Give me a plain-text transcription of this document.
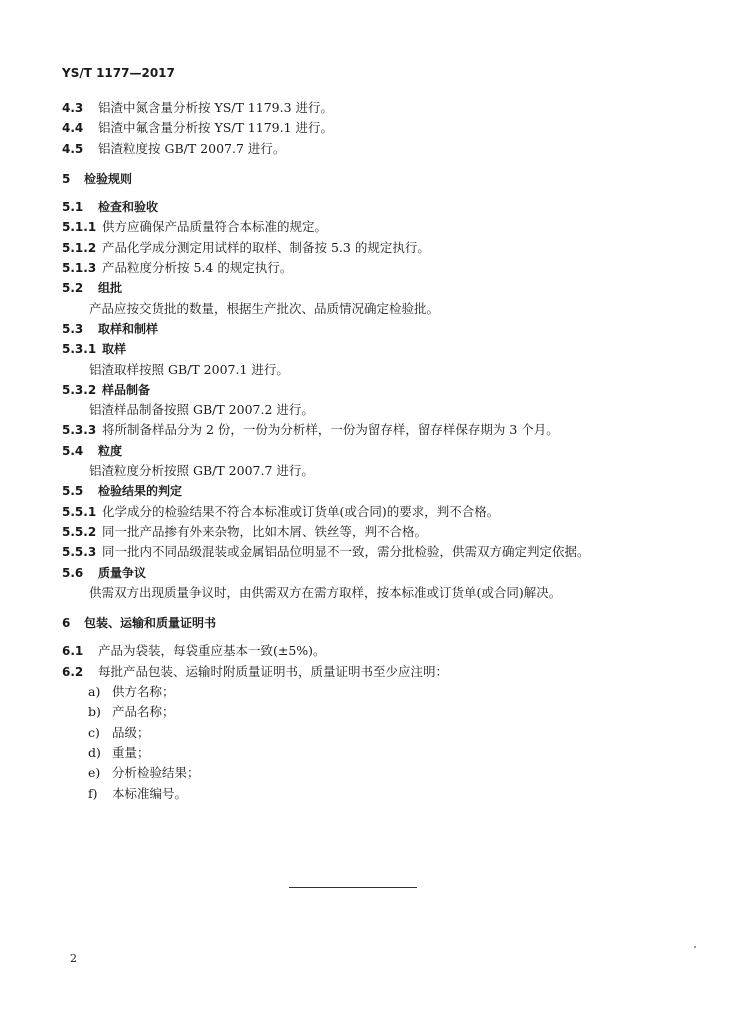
YS/T 1177—2017
4.3 铝渣中氮含量分析按 YS/T 1179.3 进行。
4.4 铝渣中氟含量分析按 YS/T 1179.1 进行。
4.5 铝渣粒度按 GB/T 2007.7 进行。
5 检验规则
5.1 检查和验收
5.1.1 供方应确保产品质量符合本标准的规定。
5.1.2 产品化学成分测定用试样的取样、制备按 5.3 的规定执行。
5.1.3 产品粒度分析按 5.4 的规定执行。
5.2 组批
产品应按交货批的数量，根据生产批次、品质情况确定检验批。
5.3 取样和制样
5.3.1 取样
铝渣取样按照 GB/T 2007.1 进行。
5.3.2 样品制备
铝渣样品制备按照 GB/T 2007.2 进行。
5.3.3 将所制备样品分为 2 份，一份为分析样，一份为留存样，留存样保存期为 3 个月。
5.4 粒度
铝渣粒度分析按照 GB/T 2007.7 进行。
5.5 检验结果的判定
5.5.1 化学成分的检验结果不符合本标准或订货单(或合同)的要求，判不合格。
5.5.2 同一批产品掺有外来杂物，比如木屑、铁丝等，判不合格。
5.5.3 同一批内不同品级混装或金属铝品位明显不一致，需分批检验，供需双方确定判定依据。
5.6 质量争议
供需双方出现质量争议时，由供需双方在需方取样，按本标准或订货单(或合同)解决。
6 包装、运输和质量证明书
6.1 产品为袋装，每袋重应基本一致(±5%)。
6.2 每批产品包装、运输时附质量证明书，质量证明书至少应注明：
a) 供方名称；
b) 产品名称；
c) 品级；
d) 重量；
e) 分析检验结果；
f) 本标准编号。
2
